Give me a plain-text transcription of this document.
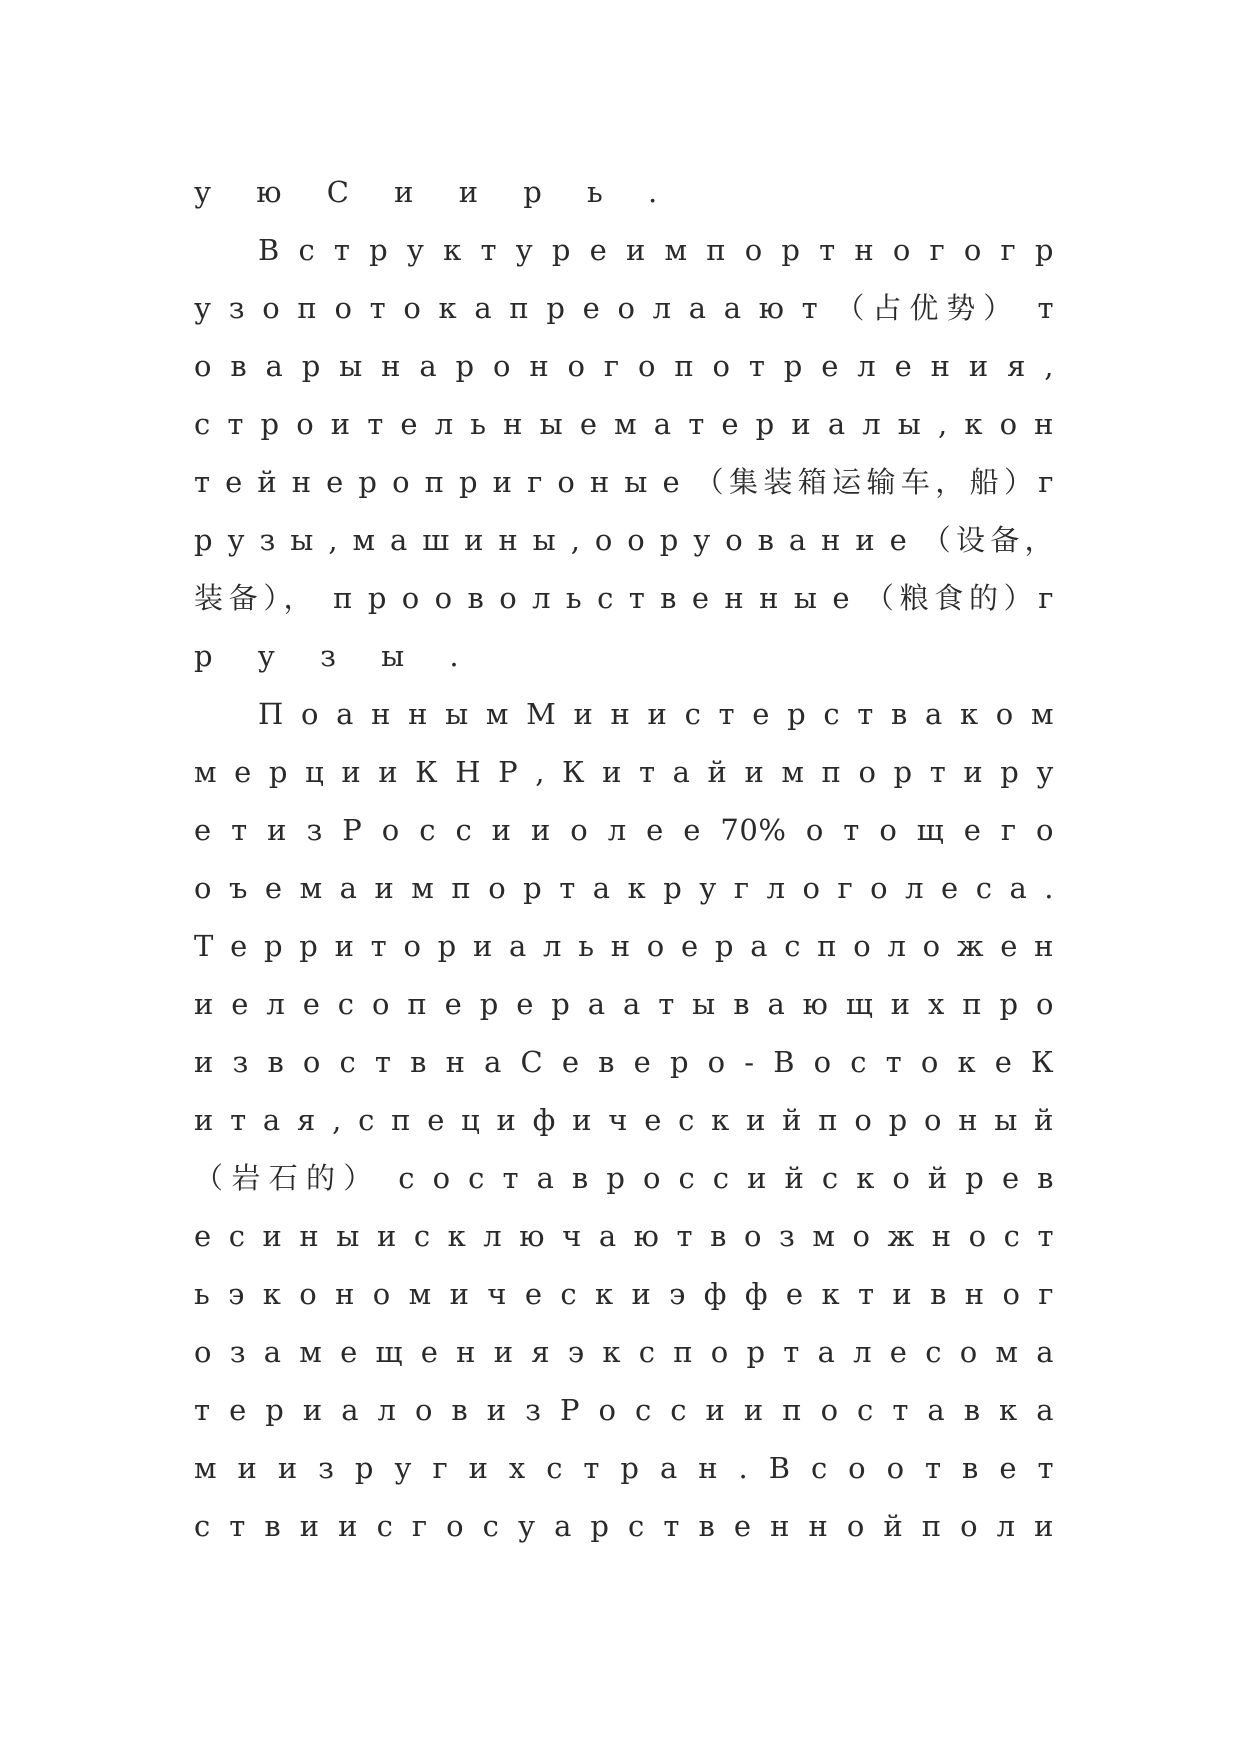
у ю С и и р ь .
В с т р у к т у р е и м п о р т н о г о г р
у з о п о т о к а п р е о л а а ю т （占优势） т
о в а р ы н а р о н о г о п о т р е л е н и я ,
с т р о и т е л ь н ы е м а т е р и а л ы , к о н
т е й н е р о п р и г о н ы е （集装箱运输车，船）г
р у з ы , м а ш и н ы , о о р у о в а н и е （设备，
装备）， п р о о в о л ь с т в е н н ы е （粮食的）г
р у з ы .
П о а н н ы м М и н и с т е р с т в а к о м
м е р ц и и К Н Р , К и т а й и м п о р т и р у
е т и з Р о с с и и о л е е 70% о т о щ е г о
о ъ е м а и м п о р т а к р у г л о г о л е с а .
Т е р р и т о р и а л ь н о е р а с п о л о ж е н
и е л е с о п е р е р а а т ы в а ю щ и х п р о
и з в о с т в н а С е в е р о - В о с т о к е К
и т а я , с п е ц и ф и ч е с к и й п о р о н ы й
（岩石的） с о с т а в р о с с и й с к о й р е в
е с и н ы и с к л ю ч а ю т в о з м о ж н о с т
ь э к о н о м и ч е с к и э ф ф е к т и в н о г
о з а м е щ е н и я э к с п о р т а л е с о м а
т е р и а л о в и з Р о с с и и п о с т а в к а
м и и з р у г и х с т р а н . В с о о т в е т
с т в и и с г о с у а р с т в е н н о й п о л и
